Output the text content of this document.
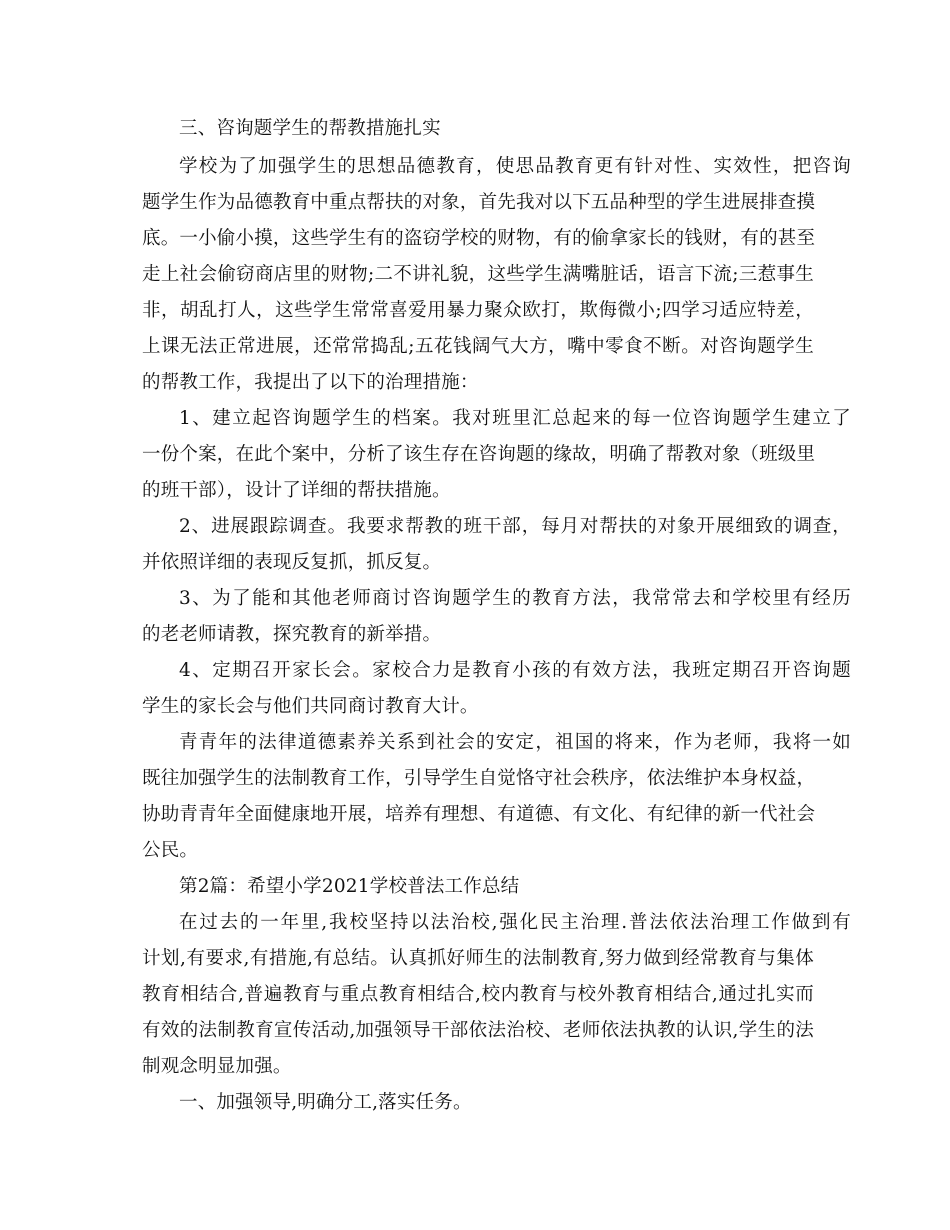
三、咨询题学生的帮教措施扎实
学校为了加强学生的思想品德教育，使思品教育更有针对性、实效性，把咨询
题学生作为品德教育中重点帮扶的对象，首先我对以下五品种型的学生进展排查摸
底。一小偷小摸，这些学生有的盗窃学校的财物，有的偷拿家长的钱财，有的甚至
走上社会偷窃商店里的财物;二不讲礼貌，这些学生满嘴脏话，语言下流;三惹事生
非，胡乱打人，这些学生常常喜爱用暴力聚众欧打，欺侮微小;四学习适应特差，
上课无法正常进展，还常常捣乱;五花钱阔气大方，嘴中零食不断。对咨询题学生
的帮教工作，我提出了以下的治理措施：
1、建立起咨询题学生的档案。我对班里汇总起来的每一位咨询题学生建立了
一份个案，在此个案中，分析了该生存在咨询题的缘故，明确了帮教对象（班级里
的班干部），设计了详细的帮扶措施。
2、进展跟踪调查。我要求帮教的班干部，每月对帮扶的对象开展细致的调查，
并依照详细的表现反复抓，抓反复。
3、为了能和其他老师商讨咨询题学生的教育方法，我常常去和学校里有经历
的老老师请教，探究教育的新举措。
4、定期召开家长会。家校合力是教育小孩的有效方法，我班定期召开咨询题
学生的家长会与他们共同商讨教育大计。
青青年的法律道德素养关系到社会的安定，祖国的将来，作为老师，我将一如
既往加强学生的法制教育工作，引导学生自觉恪守社会秩序，依法维护本身权益，
协助青青年全面健康地开展，培养有理想、有道德、有文化、有纪律的新一代社会
公民。
第2篇：希望小学2021学校普法工作总结
在过去的一年里,我校坚持以法治校,强化民主治理.普法依法治理工作做到有
计划,有要求,有措施,有总结。认真抓好师生的法制教育,努力做到经常教育与集体
教育相结合,普遍教育与重点教育相结合,校内教育与校外教育相结合,通过扎实而
有效的法制教育宣传活动,加强领导干部依法治校、老师依法执教的认识,学生的法
制观念明显加强。
一、加强领导,明确分工,落实任务。
